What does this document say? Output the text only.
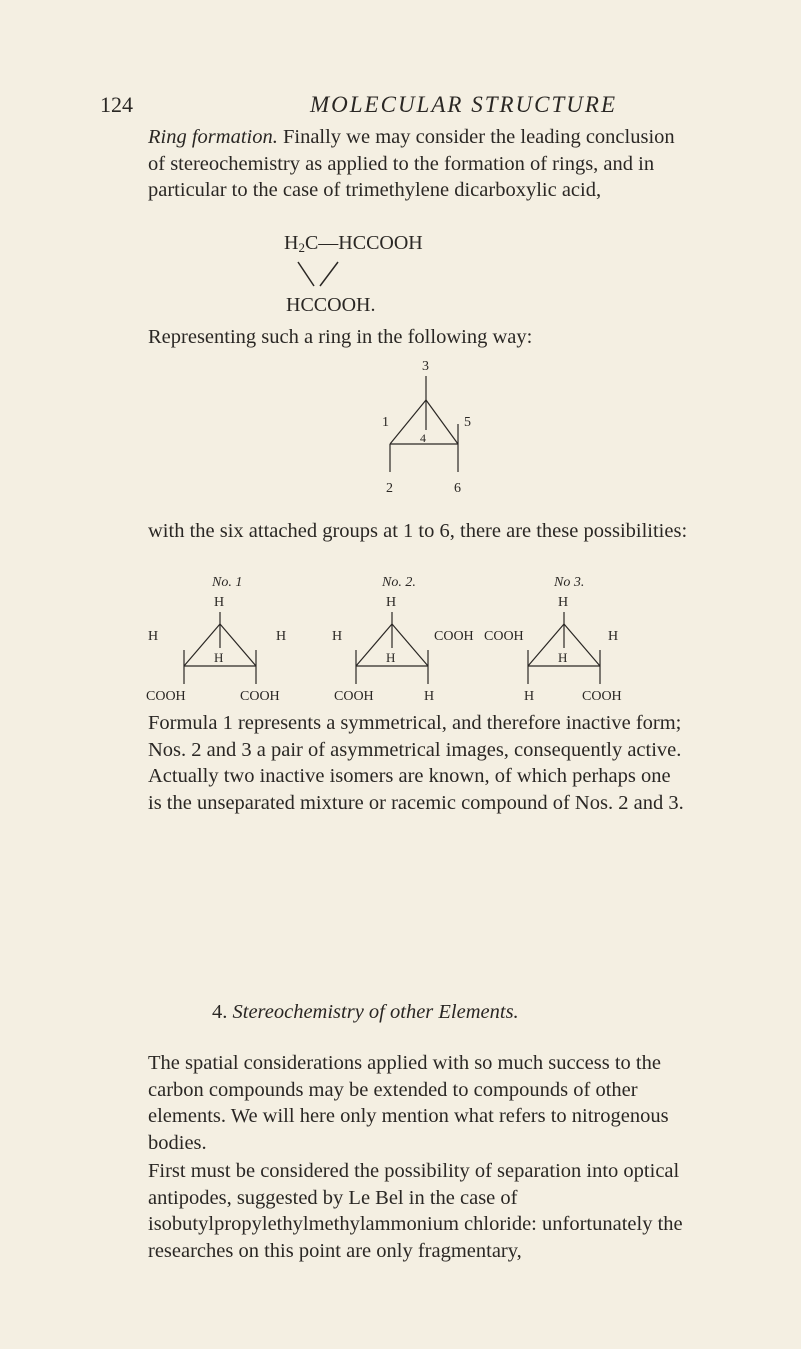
124	MOLECULAR STRUCTURE

Ring formation. Finally we may consider the leading conclusion of stereochemistry as applied to the formation of rings, and in particular to the case of trimethylene dicarboxylic acid,

$H_2C—HCCOOH$
HCCOOH.

Representing such a ring in the following way:

3
1	5
4
2	6

with the six attached groups at 1 to 6, there are these possibilities:

No. 1
H
H	H
H
COOH	COOH
No. 2.
H
H	COOH
H
COOH	H
No 3.
H
COOH	H
H
H	COOH

Formula 1 represents a symmetrical, and therefore inactive form; Nos. 2 and 3 a pair of asymmetrical images, consequently active. Actually two inactive isomers are known, of which perhaps one is the unseparated mixture or racemic compound of Nos. 2 and 3.

4. Stereochemistry of other Elements.

The spatial considerations applied with so much success to the carbon compounds may be extended to compounds of other elements. We will here only mention what refers to nitrogenous bodies.

First must be considered the possibility of separation into optical antipodes, suggested by Le Bel in the case of isobutylpropylethylmethylammonium chloride: unfortunately the researches on this point are only fragmentary,
